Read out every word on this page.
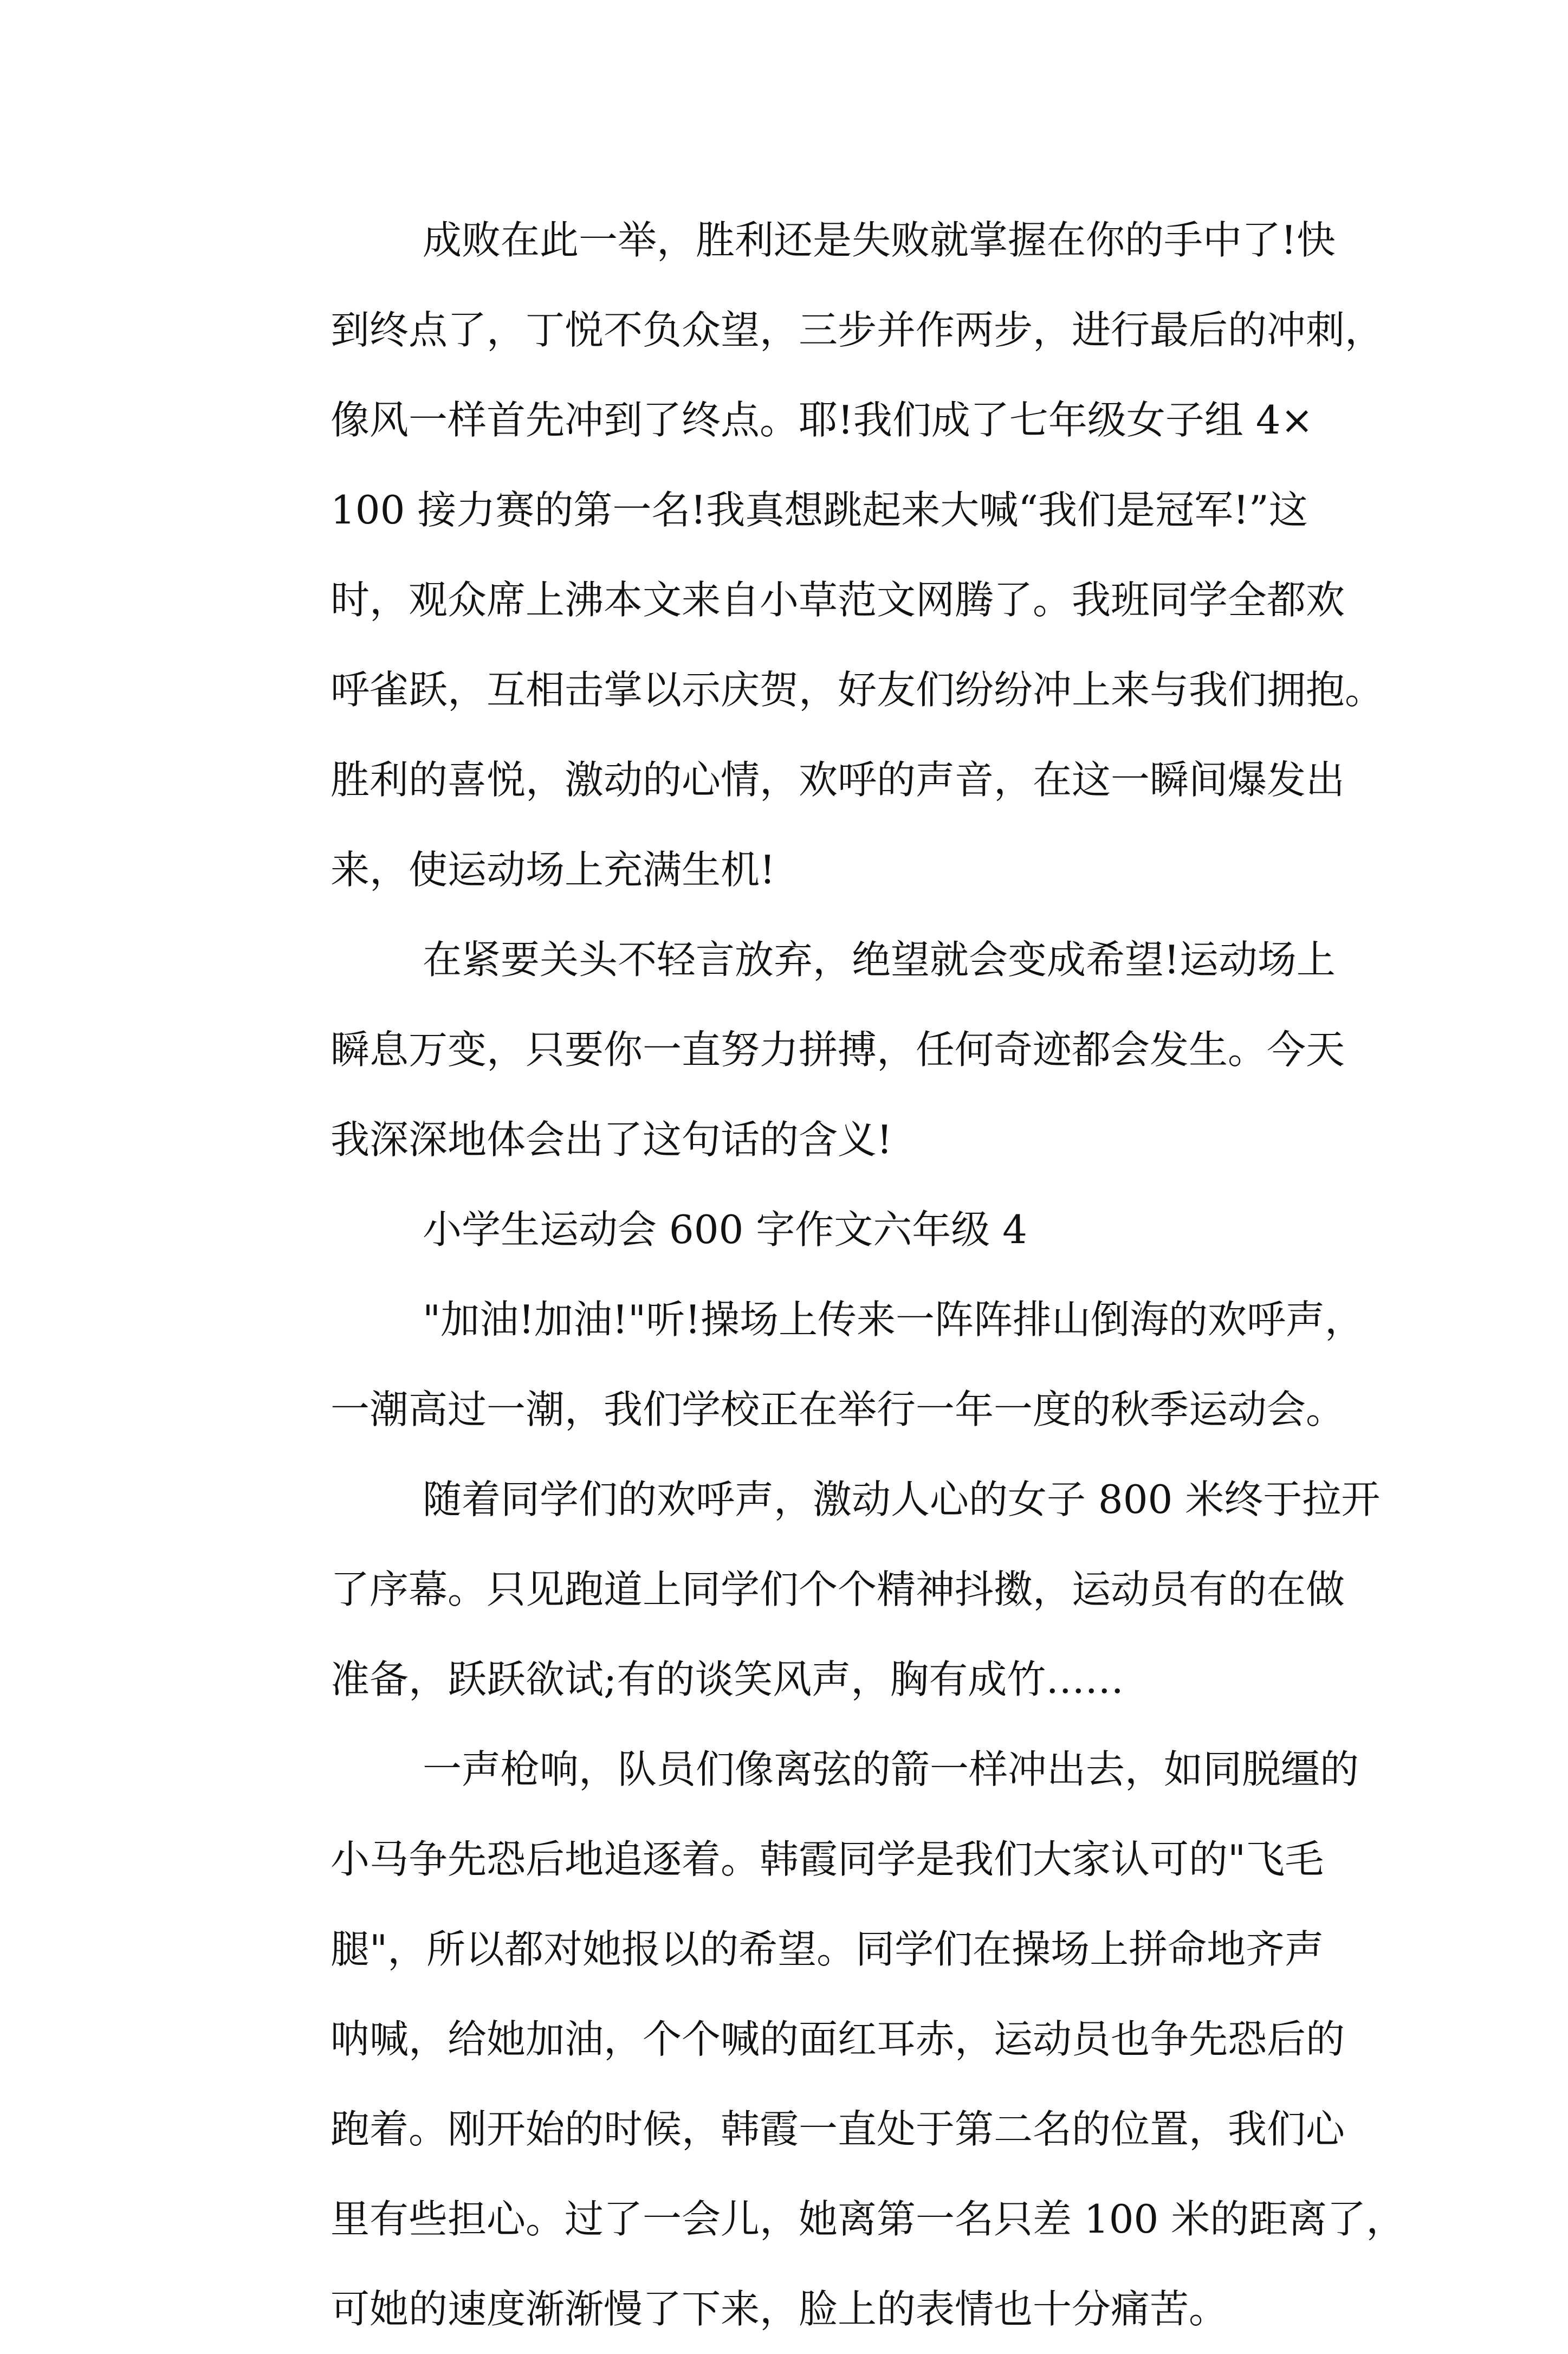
成败在此一举，胜利还是失败就掌握在你的手中了!快
到终点了，丁悦不负众望，三步并作两步，进行最后的冲刺，
像风一样首先冲到了终点。耶!我们成了七年级女子组 4×
100 接力赛的第一名!我真想跳起来大喊“我们是冠军!”这
时，观众席上沸本文来自小草范文网腾了。我班同学全都欢
呼雀跃，互相击掌以示庆贺，好友们纷纷冲上来与我们拥抱。
胜利的喜悦，激动的心情，欢呼的声音，在这一瞬间爆发出
来，使运动场上充满生机!
在紧要关头不轻言放弃，绝望就会变成希望!运动场上
瞬息万变，只要你一直努力拼搏，任何奇迹都会发生。今天
我深深地体会出了这句话的含义!
小学生运动会 600 字作文六年级 4
"加油!加油!"听!操场上传来一阵阵排山倒海的欢呼声，
一潮高过一潮，我们学校正在举行一年一度的秋季运动会。
随着同学们的欢呼声，激动人心的女子 800 米终于拉开
了序幕。只见跑道上同学们个个精神抖擞，运动员有的在做
准备，跃跃欲试;有的谈笑风声，胸有成竹……
一声枪响，队员们像离弦的箭一样冲出去，如同脱缰的
小马争先恐后地追逐着。韩霞同学是我们大家认可的"飞毛
腿"，所以都对她报以的希望。同学们在操场上拼命地齐声
呐喊，给她加油，个个喊的面红耳赤，运动员也争先恐后的
跑着。刚开始的时候，韩霞一直处于第二名的位置，我们心
里有些担心。过了一会儿，她离第一名只差 100 米的距离了，
可她的速度渐渐慢了下来，脸上的表情也十分痛苦。
